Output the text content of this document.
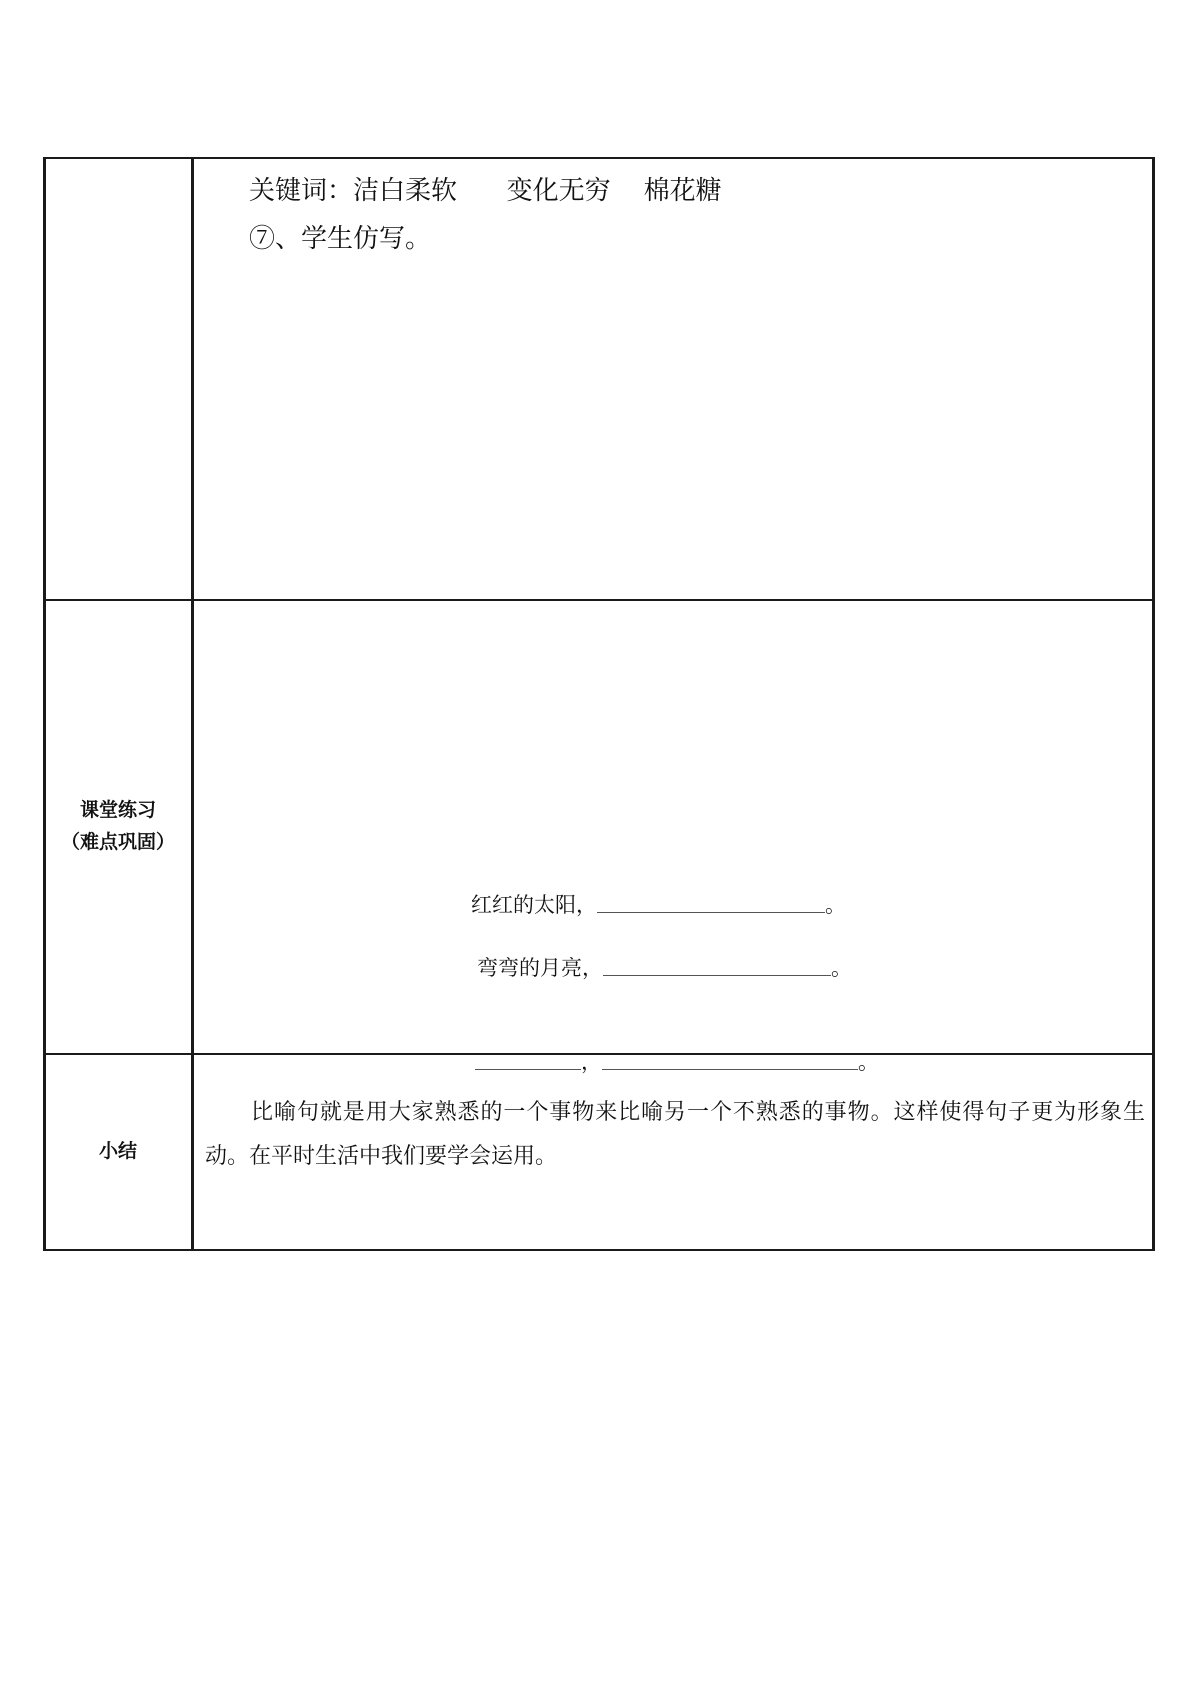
关键词：洁白柔软      变化无穷    棉花糖
⑦、学生仿写。
课堂练习
（难点巩固）
红红的太阳，	。
弯弯的月亮，	。
，	。
小结
比喻句就是用大家熟悉的一个事物来比喻另一个不熟悉的事物。这样使得句子更为形象生动。在平时生活中我们要学会运用。
